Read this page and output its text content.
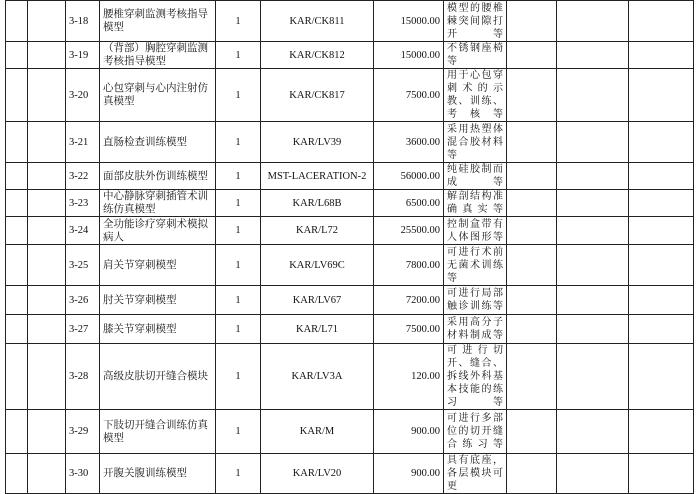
		3-18	腰椎穿刺监测考核指导模型	1	KAR/CK811	15000.00	模型的腰椎棘突间隙打开等			
		3-19	（背部）胸腔穿刺监测考核指导模型	1	KAR/CK812	15000.00	不锈钢座椅等			
		3-20	心包穿刺与心内注射仿真模型	1	KAR/CK817	7500.00	用于心包穿刺术的示教、训练、考核等			
		3-21	直肠检查训练模型	1	KAR/LV39	3600.00	采用热塑体混合胶材料等			
		3-22	面部皮肤外伤训练模型	1	MST-LACERATION-2	56000.00	纯硅胶制而成等			
		3-23	中心静脉穿刺插管术训练仿真模型	1	KAR/L68B	6500.00	解剖结构准确真实等			
		3-24	全功能诊疗穿刺术模拟病人	1	KAR/L72	25500.00	控制盒带有人体图形等			
		3-25	肩关节穿刺模型	1	KAR/LV69C	7800.00	可进行术前无菌术训练等			
		3-26	肘关节穿刺模型	1	KAR/LV67	7200.00	可进行局部触诊训练等			
		3-27	膝关节穿刺模型	1	KAR/L71	7500.00	采用高分子材料制成等			
		3-28	高级皮肤切开缝合模块	1	KAR/LV3A	120.00	可进行切开、缝合、拆线外科基本技能的练习等			
		3-29	下肢切开缝合训练仿真模型	1	KAR/M	900.00	可进行多部位的切开缝合练习等			
		3-30	开腹关腹训练模型	1	KAR/LV20	900.00	具有底座，各层模块可更			
